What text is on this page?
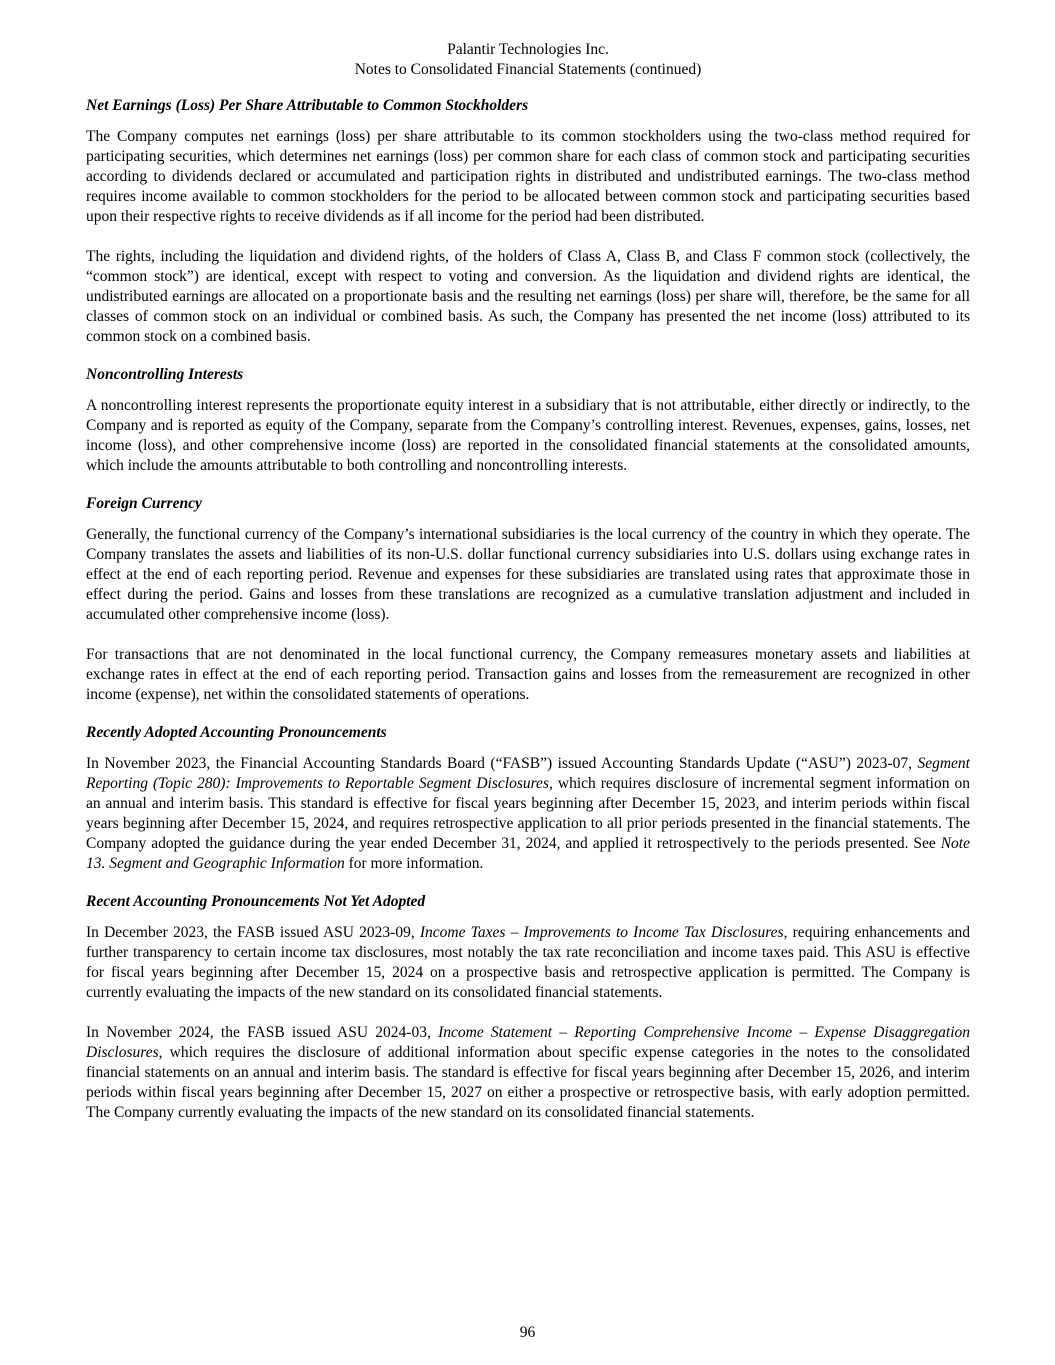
Palantir Technologies Inc.
Notes to Consolidated Financial Statements (continued)
Net Earnings (Loss) Per Share Attributable to Common Stockholders

The Company computes net earnings (loss) per share attributable to its common stockholders using the two-class method required for participating securities, which determines net earnings (loss) per common share for each class of common stock and participating securities according to dividends declared or accumulated and participation rights in distributed and undistributed earnings. The two-class method requires income available to common stockholders for the period to be allocated between common stock and participating securities based upon their respective rights to receive dividends as if all income for the period had been distributed.

The rights, including the liquidation and dividend rights, of the holders of Class A, Class B, and Class F common stock (collectively, the “common stock”) are identical, except with respect to voting and conversion. As the liquidation and dividend rights are identical, the undistributed earnings are allocated on a proportionate basis and the resulting net earnings (loss) per share will, therefore, be the same for all classes of common stock on an individual or combined basis. As such, the Company has presented the net income (loss) attributed to its common stock on a combined basis.

Noncontrolling Interests

A noncontrolling interest represents the proportionate equity interest in a subsidiary that is not attributable, either directly or indirectly, to the Company and is reported as equity of the Company, separate from the Company’s controlling interest. Revenues, expenses, gains, losses, net income (loss), and other comprehensive income (loss) are reported in the consolidated financial statements at the consolidated amounts, which include the amounts attributable to both controlling and noncontrolling interests.

Foreign Currency

Generally, the functional currency of the Company’s international subsidiaries is the local currency of the country in which they operate. The Company translates the assets and liabilities of its non-U.S. dollar functional currency subsidiaries into U.S. dollars using exchange rates in effect at the end of each reporting period. Revenue and expenses for these subsidiaries are translated using rates that approximate those in effect during the period. Gains and losses from these translations are recognized as a cumulative translation adjustment and included in accumulated other comprehensive income (loss).

For transactions that are not denominated in the local functional currency, the Company remeasures monetary assets and liabilities at exchange rates in effect at the end of each reporting period. Transaction gains and losses from the remeasurement are recognized in other income (expense), net within the consolidated statements of operations.

Recently Adopted Accounting Pronouncements

In November 2023, the Financial Accounting Standards Board (“FASB”) issued Accounting Standards Update (“ASU”) 2023-07, Segment Reporting (Topic 280): Improvements to Reportable Segment Disclosures, which requires disclosure of incremental segment information on an annual and interim basis. This standard is effective for fiscal years beginning after December 15, 2023, and interim periods within fiscal years beginning after December 15, 2024, and requires retrospective application to all prior periods presented in the financial statements. The Company adopted the guidance during the year ended December 31, 2024, and applied it retrospectively to the periods presented. See Note 13. Segment and Geographic Information for more information.

Recent Accounting Pronouncements Not Yet Adopted

In December 2023, the FASB issued ASU 2023-09, Income Taxes – Improvements to Income Tax Disclosures, requiring enhancements and further transparency to certain income tax disclosures, most notably the tax rate reconciliation and income taxes paid. This ASU is effective for fiscal years beginning after December 15, 2024 on a prospective basis and retrospective application is permitted. The Company is currently evaluating the impacts of the new standard on its consolidated financial statements.

In November 2024, the FASB issued ASU 2024-03, Income Statement – Reporting Comprehensive Income – Expense Disaggregation Disclosures, which requires the disclosure of additional information about specific expense categories in the notes to the consolidated financial statements on an annual and interim basis. The standard is effective for fiscal years beginning after December 15, 2026, and interim periods within fiscal years beginning after December 15, 2027 on either a prospective or retrospective basis, with early adoption permitted. The Company currently evaluating the impacts of the new standard on its consolidated financial statements.

96
